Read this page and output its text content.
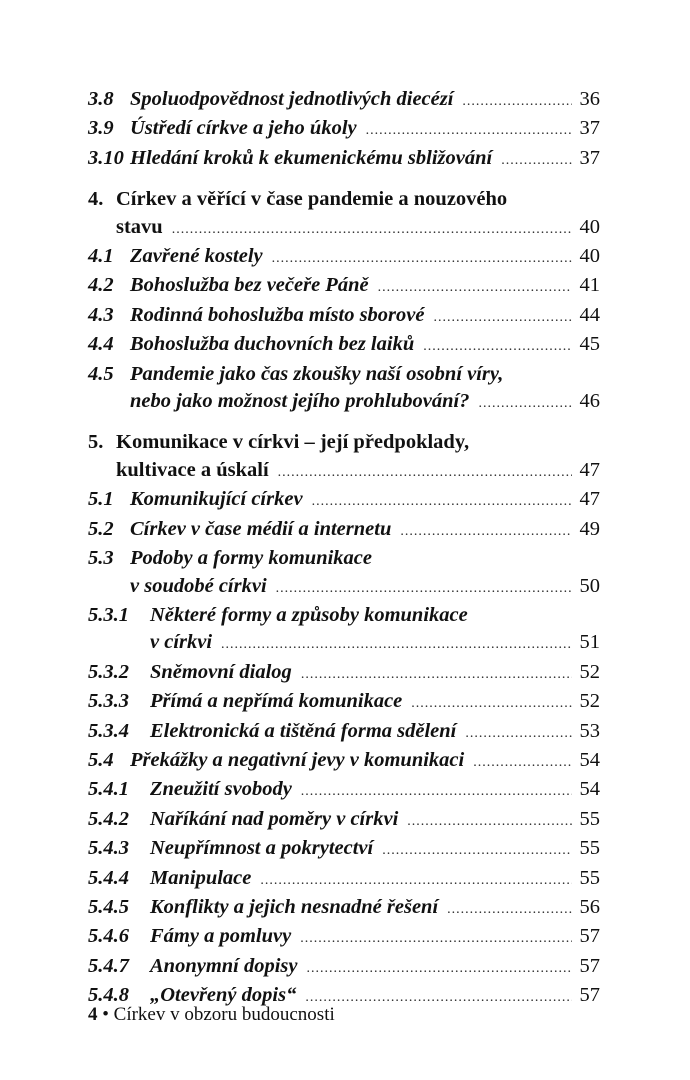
3.8 Spoluodpovědnost jednotlivých diecézí .....	36
3.9 Ústředí církve a jeho úkoly .....	37
3.10 Hledání kroků k ekumenickému sbližování .....	37
4. Církev a věřící v čase pandemie a nouzového
stavu .....	40
4.1 Zavřené kostely .....	40
4.2 Bohoslužba bez večeře Páně .....	41
4.3 Rodinná bohoslužba místo sborové .....	44
4.4 Bohoslužba duchovních bez laiků .....	45
4.5 Pandemie jako čas zkoušky naší osobní víry,
nebo jako možnost jejího prohlubování? .....	46
5. Komunikace v církvi – její předpoklady,
kultivace a úskalí .....	47
5.1 Komunikující církev .....	47
5.2 Církev v čase médií a internetu .....	49
5.3 Podoby a formy komunikace
v soudobé církvi .....	50
5.3.1	Některé formy a způsoby komunikace
v církvi .....	51
5.3.2	Sněmovní dialog .....	52
5.3.3	Přímá a nepřímá komunikace .....	52
5.3.4	Elektronická a tištěná forma sdělení .....	53
5.4 Překážky a negativní jevy v komunikaci .....	54
5.4.1	Zneužití svobody .....	54
5.4.2	Naříkání nad poměry v církvi .....	55
5.4.3	Neupřímnost a pokrytectví .....	55
5.4.4	Manipulace .....	55
5.4.5	Konflikty a jejich nesnadné řešení .....	56
5.4.6	Fámy a pomluvy .....	57
5.4.7	Anonymní dopisy .....	57
5.4.8	„Otevřený dopis“ .....	57
4 • Církev v obzoru budoucnosti
